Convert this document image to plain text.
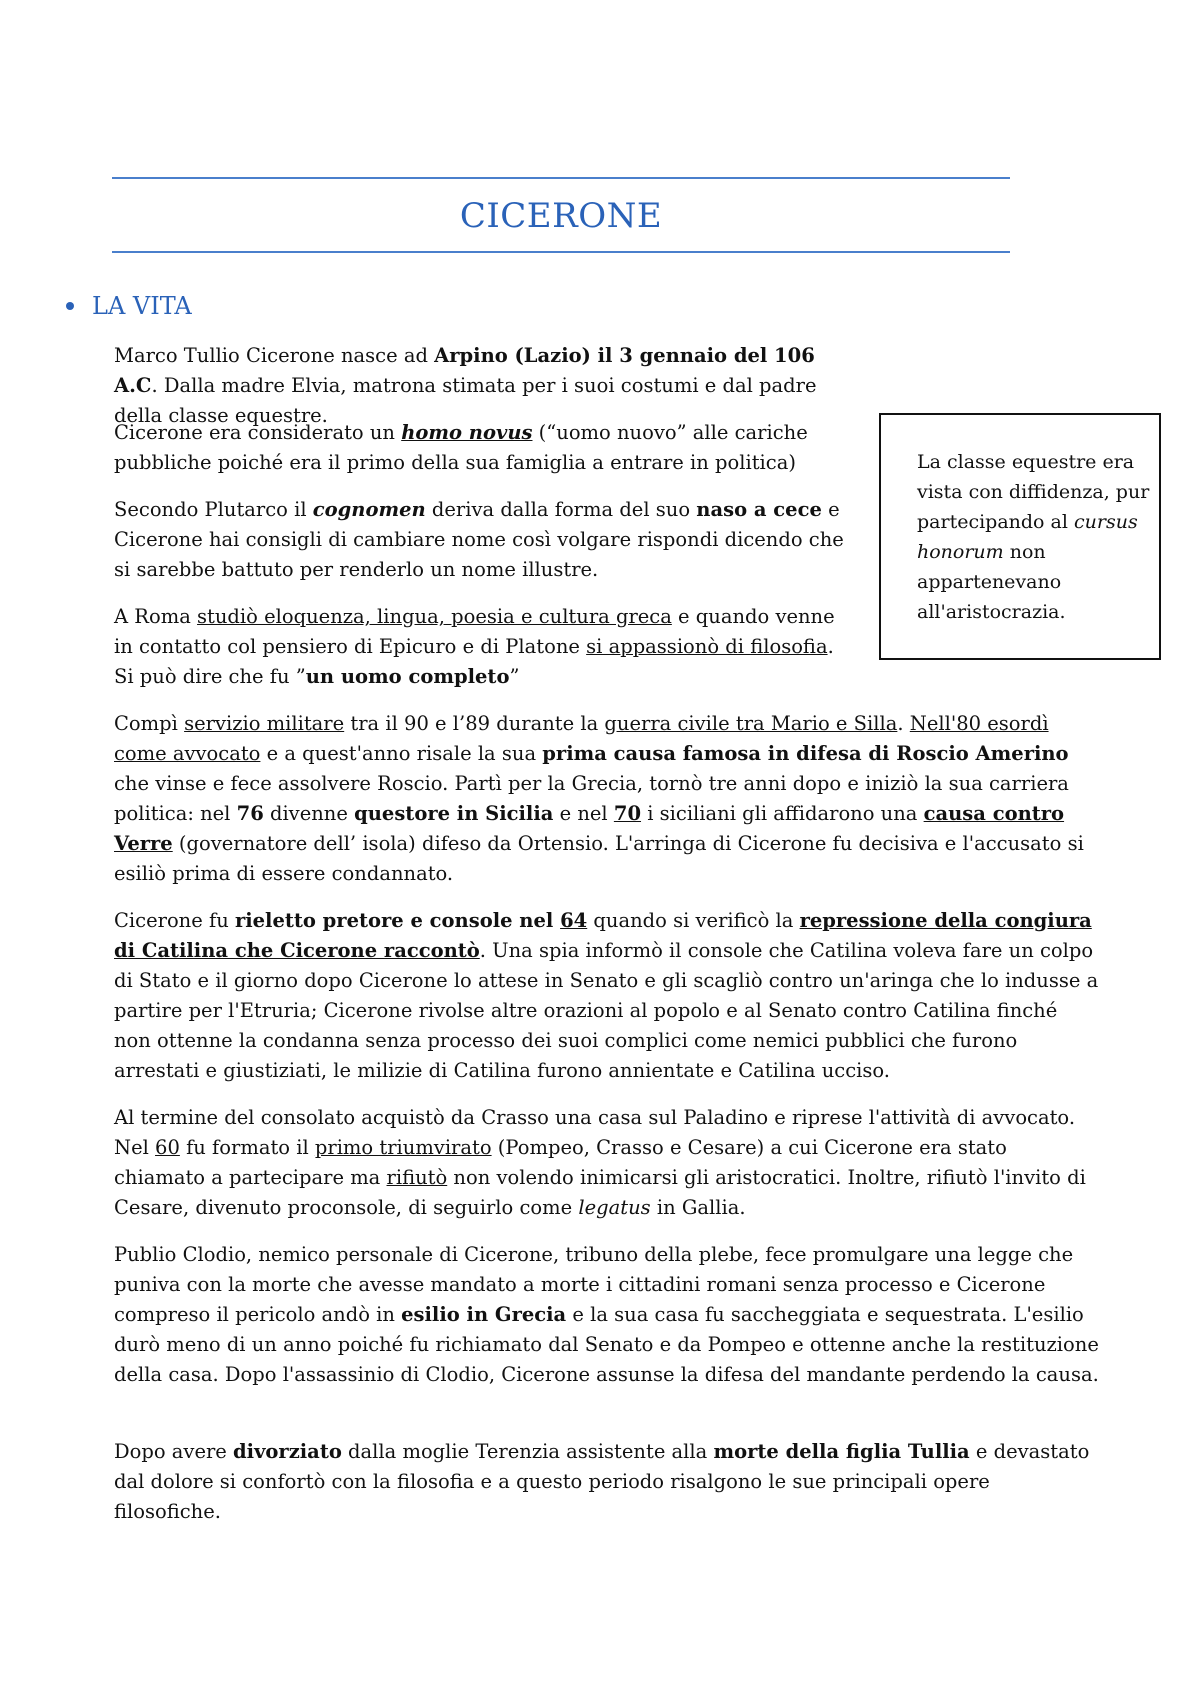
CICERONE
LA VITA

Marco Tullio Cicerone nasce ad Arpino (Lazio) il 3 gennaio del 106 A.C. Dalla madre Elvia, matrona stimata per i suoi costumi e dal padre della classe equestre.

Cicerone era considerato un homo novus (“uomo nuovo” alle cariche pubbliche poiché era il primo della sua famiglia a entrare in politica)

Secondo Plutarco il cognomen deriva dalla forma del suo naso a cece e Cicerone hai consigli di cambiare nome così volgare rispondi dicendo che si sarebbe battuto per renderlo un nome illustre.

A Roma studiò eloquenza, lingua, poesia e cultura greca e quando venne in contatto col pensiero di Epicuro e di Platone si appassionò di filosofia. Si può dire che fu ”un uomo completo”

Compì servizio militare tra il 90 e l’89 durante la guerra civile tra Mario e Silla. Nell'80 esordì come avvocato e a quest'anno risale la sua prima causa famosa in difesa di Roscio Amerino che vinse e fece assolvere Roscio. Partì per la Grecia, tornò tre anni dopo e iniziò la sua carriera politica: nel 76 divenne questore in Sicilia e nel 70 i siciliani gli affidarono una causa contro Verre (governatore dell’ isola) difeso da Ortensio. L'arringa di Cicerone fu decisiva e l'accusato si esiliò prima di essere condannato.

Cicerone fu rieletto pretore e console nel 64 quando si verificò la repressione della congiura di Catilina che Cicerone raccontò. Una spia informò il console che Catilina voleva fare un colpo di Stato e il giorno dopo Cicerone lo attese in Senato e gli scagliò contro un'aringa che lo indusse a partire per l'Etruria; Cicerone rivolse altre orazioni al popolo e al Senato contro Catilina finché non ottenne la condanna senza processo dei suoi complici come nemici pubblici che furono arrestati e giustiziati, le milizie di Catilina furono annientate e Catilina ucciso.

Al termine del consolato acquistò da Crasso una casa sul Paladino e riprese l'attività di avvocato. Nel 60 fu formato il primo triumvirato (Pompeo, Crasso e Cesare) a cui Cicerone era stato chiamato a partecipare ma rifiutò non volendo inimicarsi gli aristocratici. Inoltre, rifiutò l'invito di Cesare, divenuto proconsole, di seguirlo come legatus in Gallia.

Publio Clodio, nemico personale di Cicerone, tribuno della plebe, fece promulgare una legge che puniva con la morte che avesse mandato a morte i cittadini romani senza processo e Cicerone compreso il pericolo andò in esilio in Grecia e la sua casa fu saccheggiata e sequestrata. L'esilio durò meno di un anno poiché fu richiamato dal Senato e da Pompeo e ottenne anche la restituzione della casa. Dopo l'assassinio di Clodio, Cicerone assunse la difesa del mandante perdendo la causa.

Dopo avere divorziato dalla moglie Terenzia assistente alla morte della figlia Tullia e devastato dal dolore si confortò con la filosofia e a questo periodo risalgono le sue principali opere filosofiche.

La classe equestre era vista con diffidenza, pur partecipando al cursus honorum non appartenevano all'aristocrazia.
